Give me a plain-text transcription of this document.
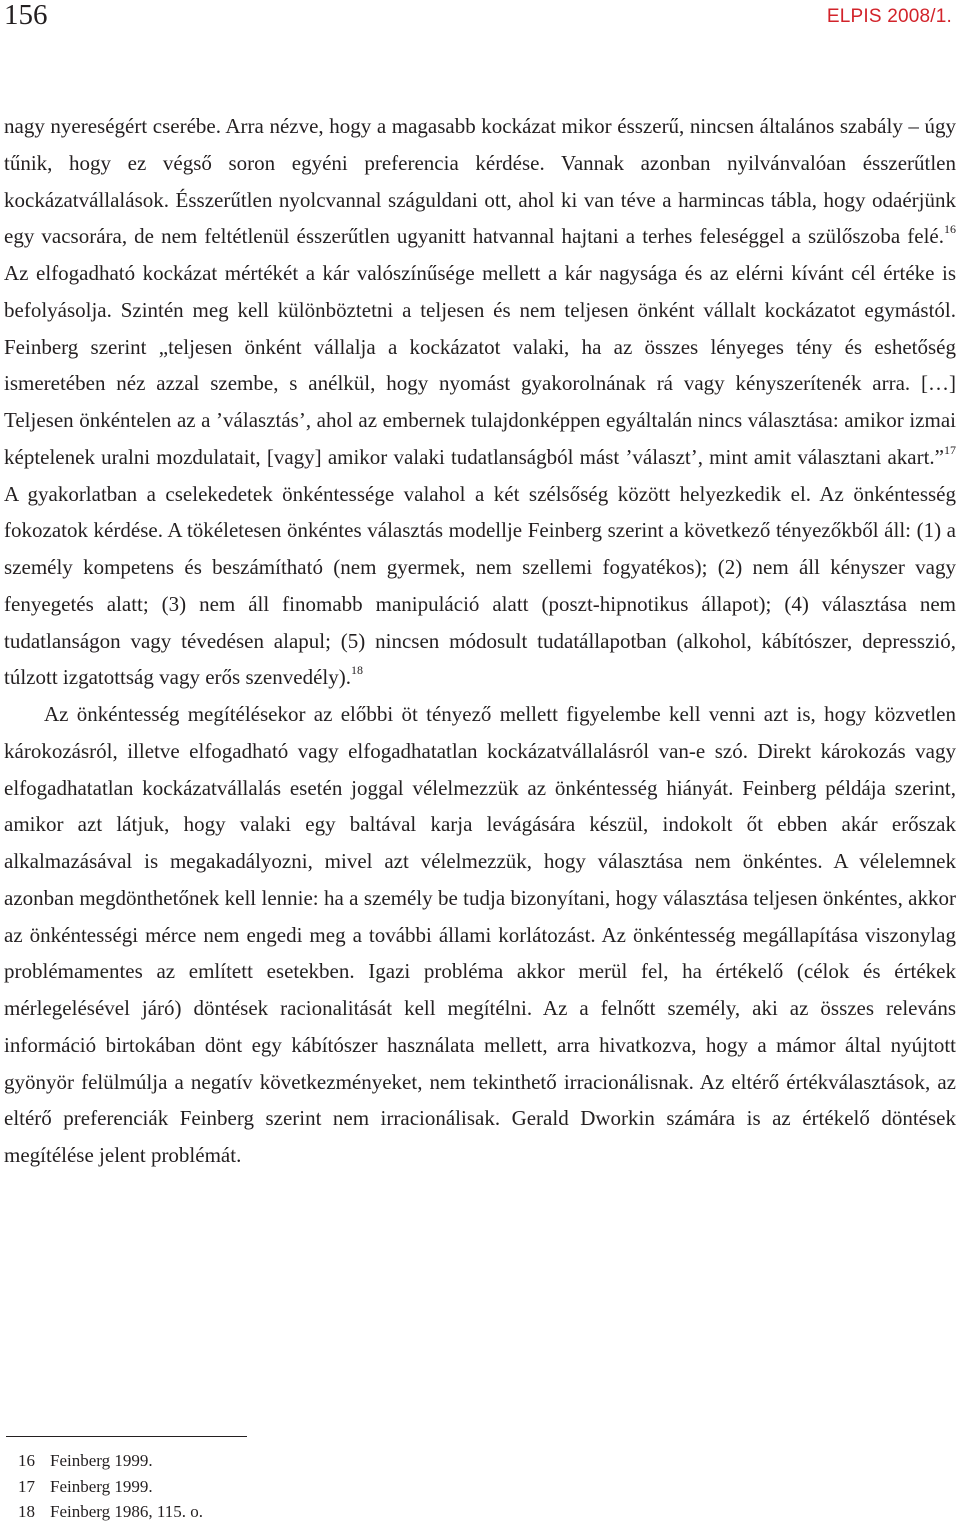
156	ELPIS 2008/1.

nagy nyereségért cserébe. Arra nézve, hogy a magasabb kockázat mikor ésszerű, nincsen általános szabály – úgy tűnik, hogy ez végső soron egyéni preferencia kérdése. Vannak azonban nyilvánvalóan ésszerűtlen kockázatvállalások. Ésszerűtlen nyolcvannal száguldani ott, ahol ki van téve a harmincas tábla, hogy odaérjünk egy vacsorára, de nem feltétlenül ésszerűtlen ugyanitt hatvannal hajtani a terhes feleséggel a szülőszoba felé.$^{16}$ Az elfogadható kockázat mértékét a kár valószínűsége mellett a kár nagysága és az elérni kívánt cél értéke is befolyásolja. Szintén meg kell különböztetni a teljesen és nem teljesen önként vállalt kockázatot egymástól. Feinberg szerint „teljesen önként vállalja a kockázatot valaki, ha az összes lényeges tény és eshetőség ismeretében néz azzal szembe, s anélkül, hogy nyomást gyakorolnának rá vagy kényszerítenék arra. […] Teljesen önkéntelen az a ’választás’, ahol az embernek tulajdonképpen egyáltalán nincs választása: amikor izmai képtelenek uralni mozdulatait, [vagy] amikor valaki tudatlanságból mást ’választ’, mint amit választani akart.”$^{17}$ A gyakorlatban a cselekedetek önkéntessége valahol a két szélsőség között helyezkedik el. Az önkéntesség fokozatok kérdése. A tökéletesen önkéntes választás modellje Feinberg szerint a következő tényezőkből áll: (1) a személy kompetens és beszámítható (nem gyermek, nem szellemi fogyatékos); (2) nem áll kényszer vagy fenyegetés alatt; (3) nem áll finomabb manipuláció alatt (poszt-hipnotikus állapot); (4) választása nem tudatlanságon vagy tévedésen alapul; (5) nincsen módosult tudatállapotban (alkohol, kábítószer, depresszió, túlzott izgatottság vagy erős szenvedély).$^{18}$

Az önkéntesség megítélésekor az előbbi öt tényező mellett figyelembe kell venni azt is, hogy közvetlen károkozásról, illetve elfogadható vagy elfogadhatatlan kockázatvállalásról van-e szó. Direkt károkozás vagy elfogadhatatlan kockázatvállalás esetén joggal vélelmezzük az önkéntesség hiányát. Feinberg példája szerint, amikor azt látjuk, hogy valaki egy baltával karja levágására készül, indokolt őt ebben akár erőszak alkalmazásával is megakadályozni, mivel azt vélelmezzük, hogy választása nem önkéntes. A vélelemnek azonban megdönthetőnek kell lennie: ha a személy be tudja bizonyítani, hogy választása teljesen önkéntes, akkor az önkéntességi mérce nem engedi meg a további állami korlátozást. Az önkéntesség megállapítása viszonylag problémamentes az említett esetekben. Igazi probléma akkor merül fel, ha értékelő (célok és értékek mérlegelésével járó) döntések racionalitását kell megítélni. Az a felnőtt személy, aki az összes releváns információ birtokában dönt egy kábítószer használata mellett, arra hivatkozva, hogy a mámor által nyújtott gyönyör felülmúlja a negatív következményeket, nem tekinthető irracionálisnak. Az eltérő értékválasztások, az eltérő preferenciák Feinberg szerint nem irracionálisak. Gerald Dworkin számára is az értékelő döntések megítélése jelent problémát.

16 Feinberg 1999.
17 Feinberg 1999.
18 Feinberg 1986, 115. o.
